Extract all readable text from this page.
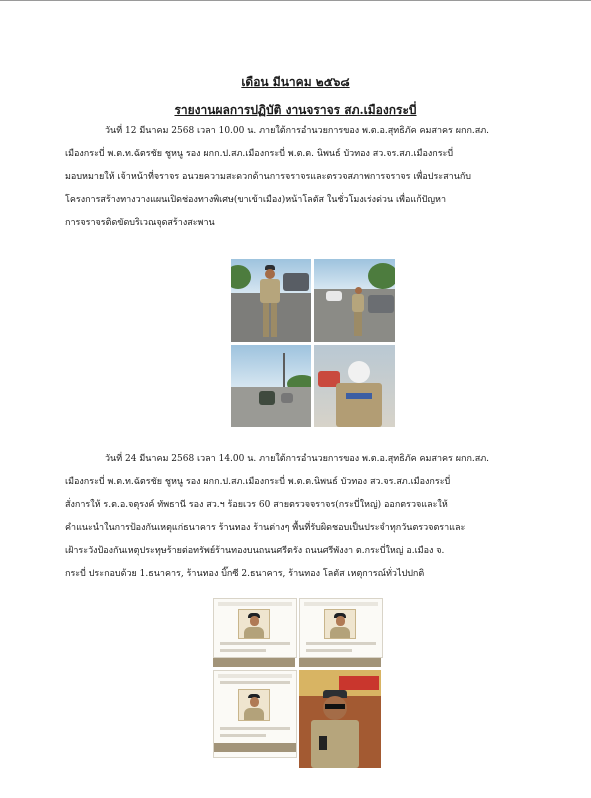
เดือน มีนาคม ๒๕๖๘
รายงานผลการปฏิบัติ งานจราจร สภ.เมืองกระบี่
วันที่ 12 มีนาคม 2568 เวลา 10.00 น. ภายใต้การอำนวยการของ พ.ต.อ.สุทธิภัค คมสาคร ผกก.สภ.
เมืองกระบี่ พ.ต.ท.ฉัตรชัย ชูหนู รอง ผกก.ป.สภ.เมืองกระบี่ พ.ต.ต. นิพนธ์ บัวทอง สว.จร.สภ.เมืองกระบี่
มอบหมายให้ เจ้าหน้าที่จราจร อนวยความสะดวกด้านการจราจรและตรวจสภาพการจราจร เพื่อประสานกับ
โครงการสร้างทางวางแผนเปิดช่องทางพิเศษ(ขาเข้าเมือง)หน้าโลตัส ในชั่วโมงเร่งด่วน เพื่อแก้ปัญหา
การจราจรติดขัดบริเวณจุดสร้างสะพาน
วันที่ 24 มีนาคม 2568 เวลา 14.00 น. ภายใต้การอำนวยการของ พ.ต.อ.สุทธิภัค คมสาคร ผกก.สภ.
เมืองกระบี่ พ.ต.ท.ฉัตรชัย ชูหนู รอง ผกก.ป.สภ.เมืองกระบี่ พ.ต.ต.นิพนธ์ บัวทอง สว.จร.สภ.เมืองกระบี่
สั่งการให้ ร.ต.อ.จตุรงค์ ทัพธานี รอง สว.ฯ ร้อยเวร 60 สายตรวจจราจร(กระบี่ใหญ่) ออกตรวจและให้
คำแนะนำในการป้องกันเหตุแก่ธนาคาร ร้านทอง ร้านต่างๆ พื้นที่รับผิดชอบเป็นประจำทุกวันตรวจตราและ
เฝ้าระวังป้องกันเหตุประทุษร้ายต่อทรัพย์ร้านทองบนถนนศรีตรัง ถนนศรีพังงา ต.กระบี่ใหญ่ อ.เมือง จ.
กระบี่ ประกอบด้วย 1.ธนาคาร, ร้านทอง บิ๊กซี 2.ธนาคาร, ร้านทอง โลตัส เหตุการณ์ทั่วไปปกติ
